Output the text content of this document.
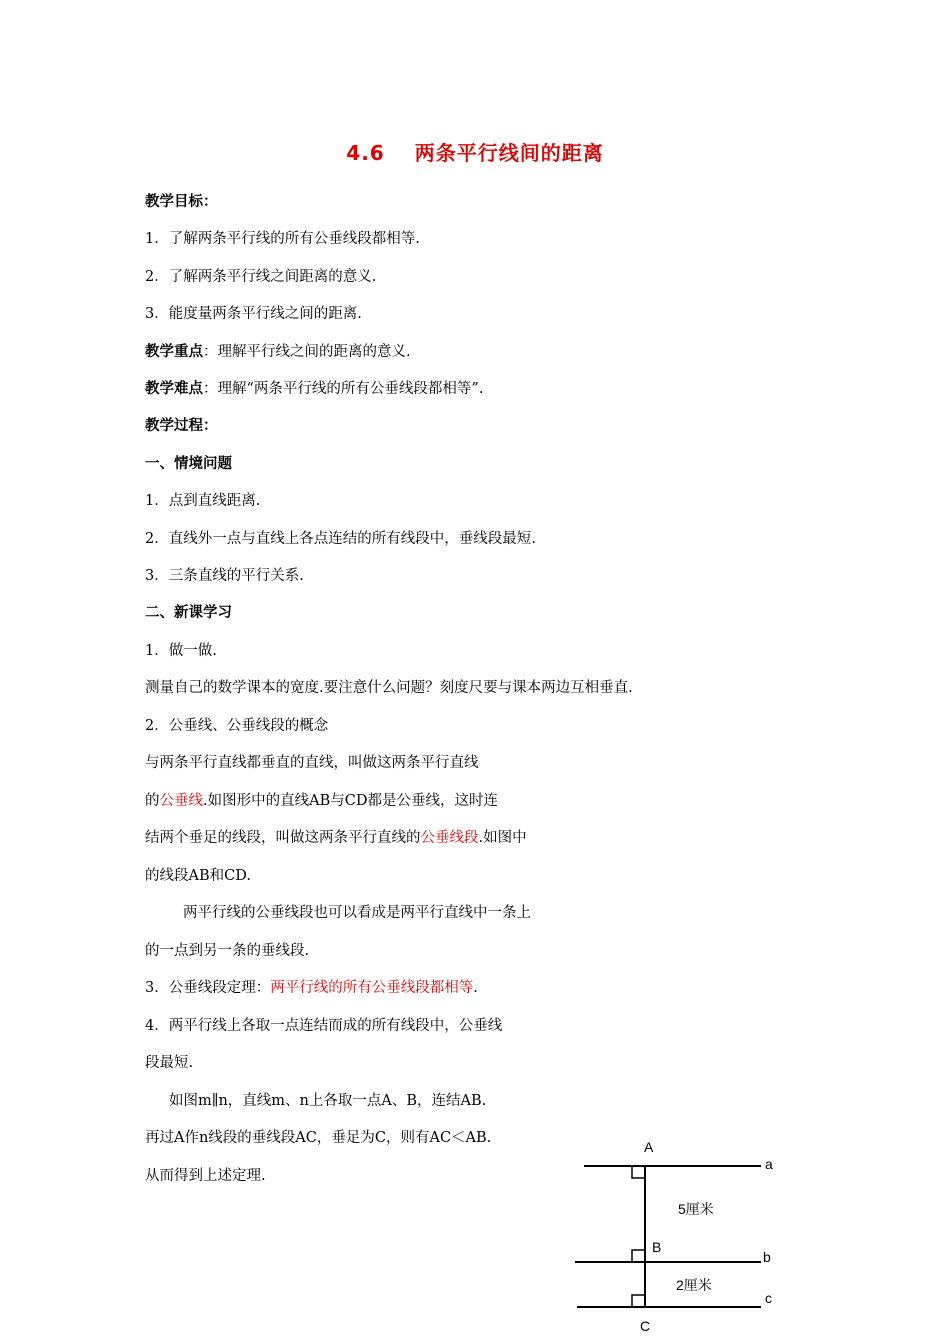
4.6 两条平行线间的距离
教学目标：
1．了解两条平行线的所有公垂线段都相等.
2．了解两条平行线之间距离的意义.
3．能度量两条平行线之间的距离.
教学重点：理解平行线之间的距离的意义.
教学难点：理解“两条平行线的所有公垂线段都相等”.
教学过程：
一、情境问题
1．点到直线距离.
2．直线外一点与直线上各点连结的所有线段中，垂线段最短.
3．三条直线的平行关系.
二、新课学习
1．做一做.
测量自己的数学课本的宽度.要注意什么问题？刻度尺要与课本两边互相垂直.
2．公垂线、公垂线段的概念
与两条平行直线都垂直的直线，叫做这两条平行直线
的公垂线.如图形中的直线AB与CD都是公垂线，这时连
结两个垂足的线段，叫做这两条平行直线的公垂线段.如图中
的线段AB和CD.
两平行线的公垂线段也可以看成是两平行直线中一条上
的一点到另一条的垂线段.
3．公垂线段定理：两平行线的所有公垂线段都相等.
4．两平行线上各取一点连结而成的所有线段中，公垂线
段最短.
如图m∥n，直线m、n上各取一点A、B，连结AB.
再过A作n线段的垂线段AC，垂足为C，则有AC＜AB.
从而得到上述定理.
A
B
C
a
b
c
5厘米
2厘米
